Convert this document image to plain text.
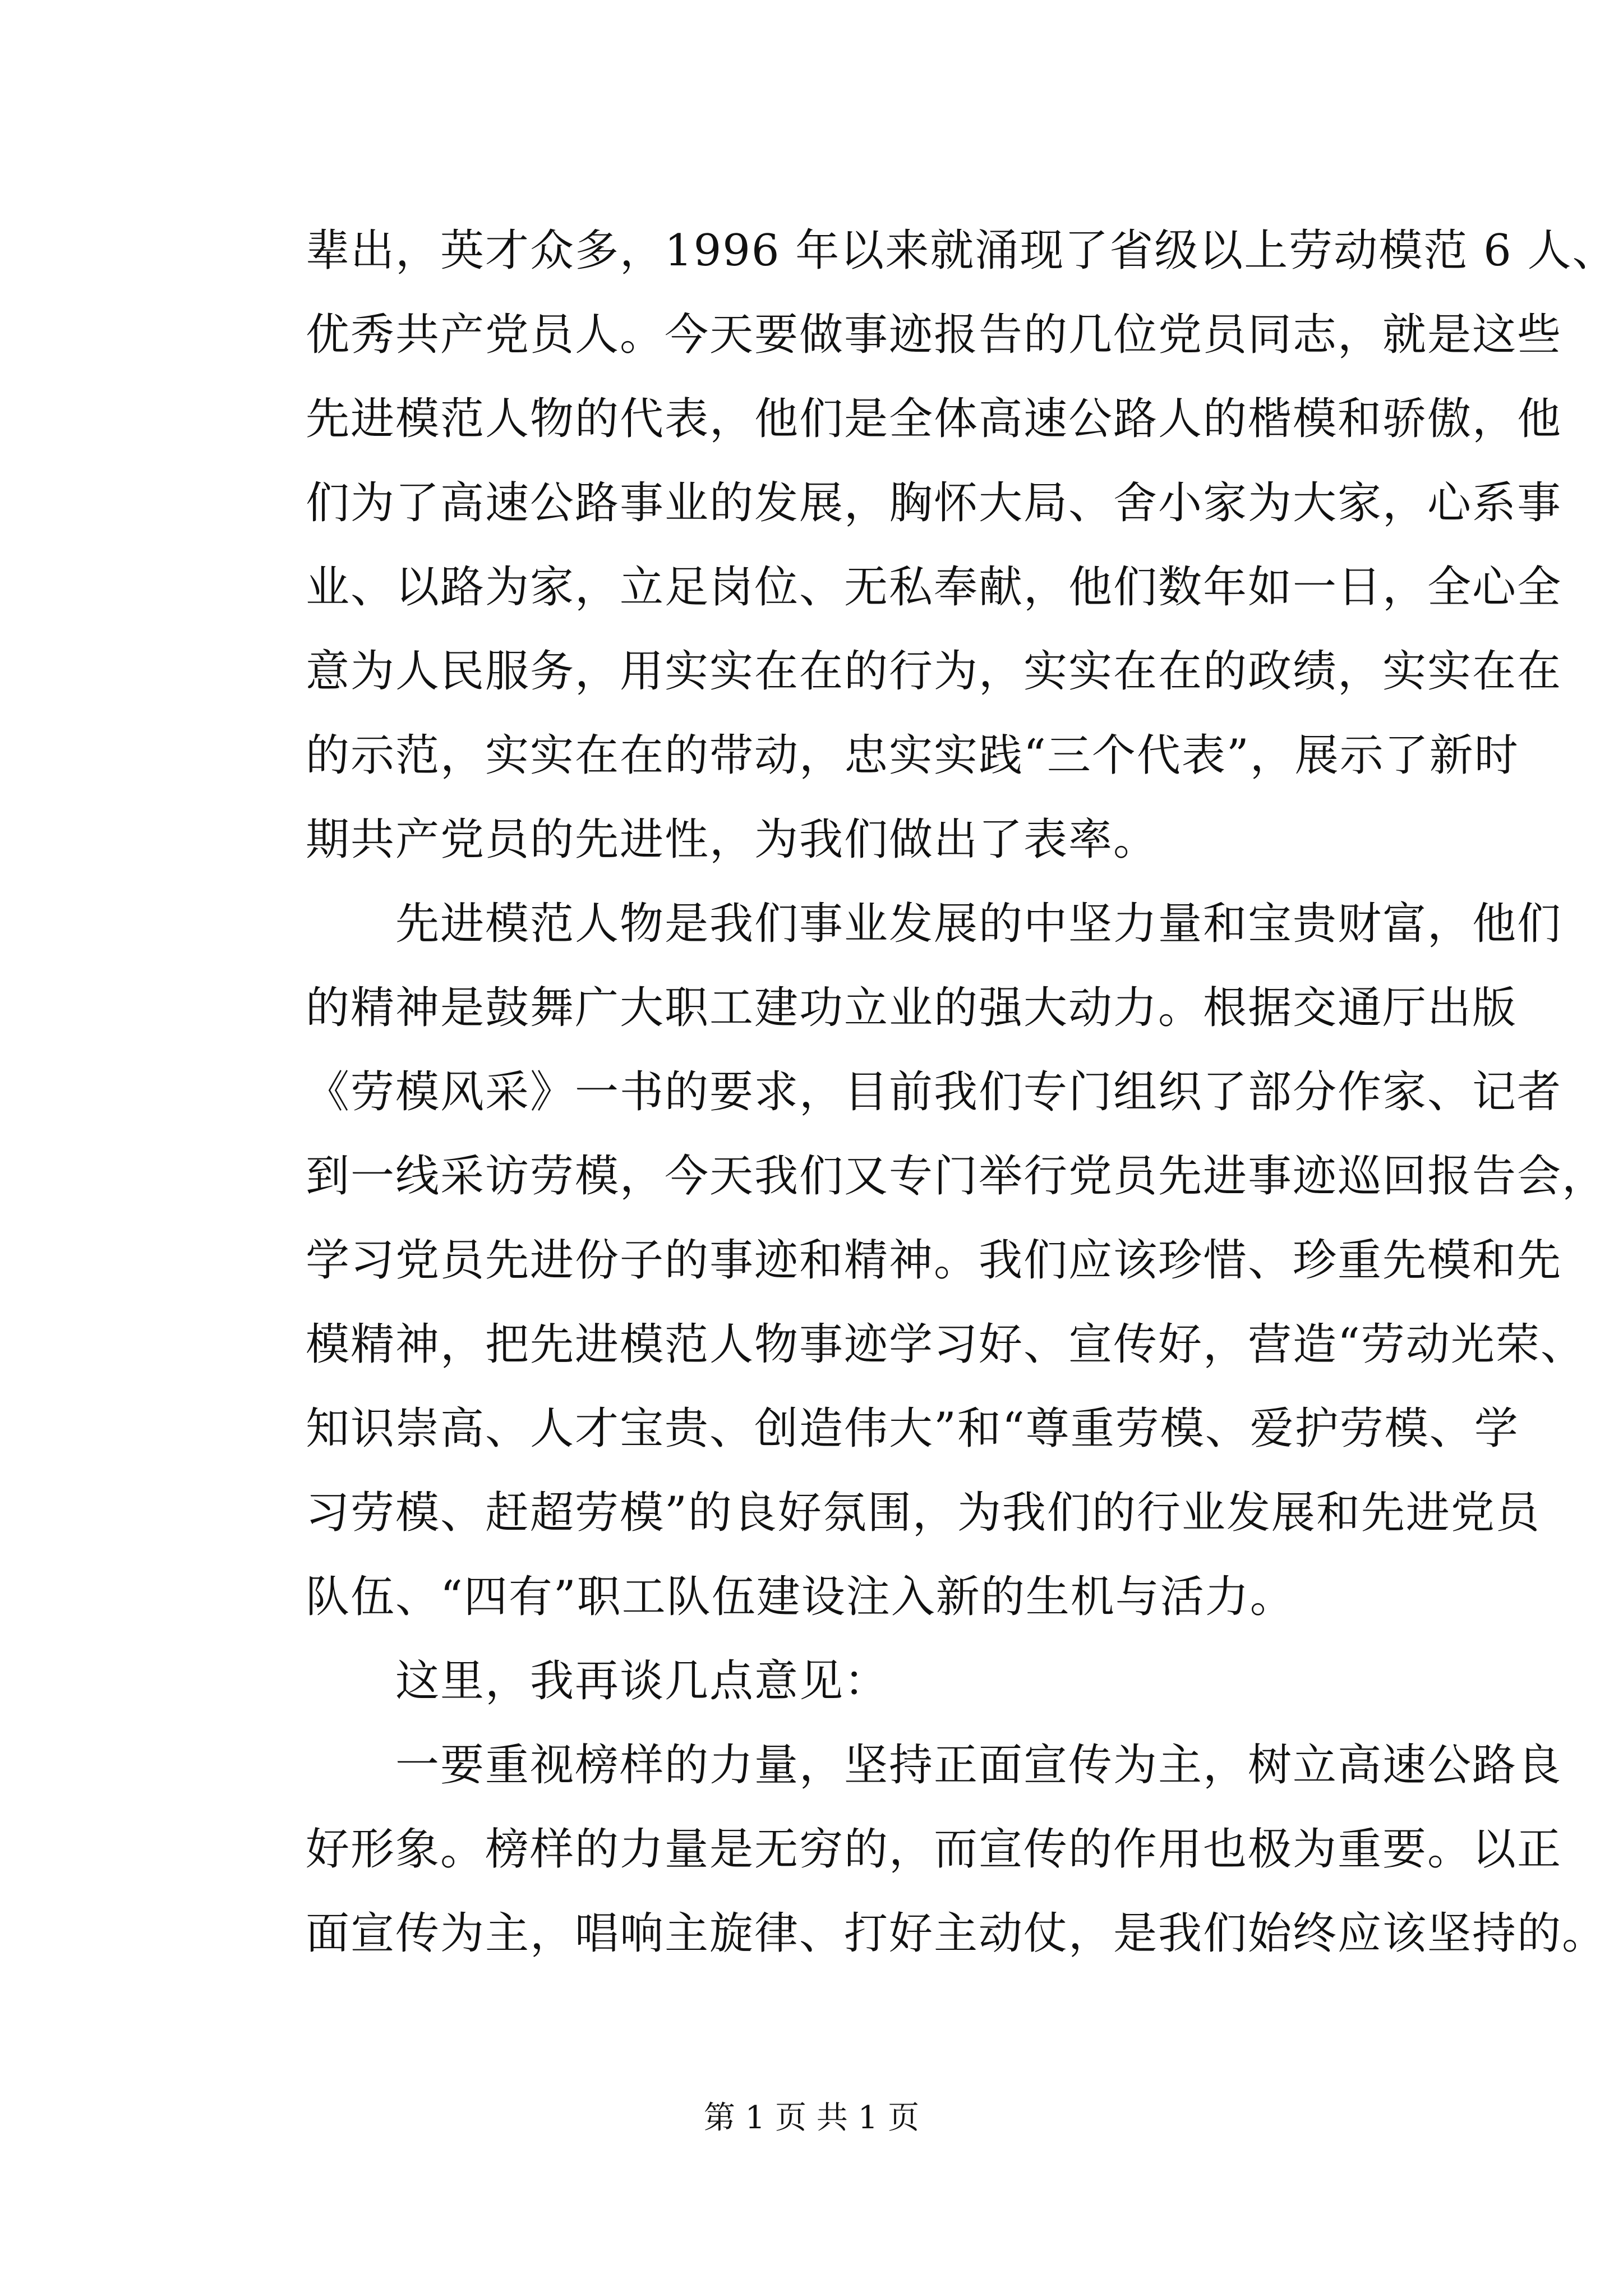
辈出，英才众多，1996 年以来就涌现了省级以上劳动模范 6 人、
优秀共产党员人。今天要做事迹报告的几位党员同志，就是这些
先进模范人物的代表，他们是全体高速公路人的楷模和骄傲，他
们为了高速公路事业的发展，胸怀大局、舍小家为大家，心系事
业、以路为家，立足岗位、无私奉献，他们数年如一日，全心全
意为人民服务，用实实在在的行为，实实在在的政绩，实实在在
的示范，实实在在的带动，忠实实践“三个代表”，展示了新时
期共产党员的先进性，为我们做出了表率。
　　先进模范人物是我们事业发展的中坚力量和宝贵财富，他们
的精神是鼓舞广大职工建功立业的强大动力。根据交通厅出版
《劳模风采》一书的要求，目前我们专门组织了部分作家、记者
到一线采访劳模，今天我们又专门举行党员先进事迹巡回报告会，
学习党员先进份子的事迹和精神。我们应该珍惜、珍重先模和先
模精神，把先进模范人物事迹学习好、宣传好，营造“劳动光荣、
知识崇高、人才宝贵、创造伟大”和“尊重劳模、爱护劳模、学
习劳模、赶超劳模”的良好氛围，为我们的行业发展和先进党员
队伍、“四有”职工队伍建设注入新的生机与活力。
　　这里，我再谈几点意见：
　　一要重视榜样的力量，坚持正面宣传为主，树立高速公路良
好形象。榜样的力量是无穷的，而宣传的作用也极为重要。以正
面宣传为主，唱响主旋律、打好主动仗，是我们始终应该坚持的。
第 1 页 共 1 页
